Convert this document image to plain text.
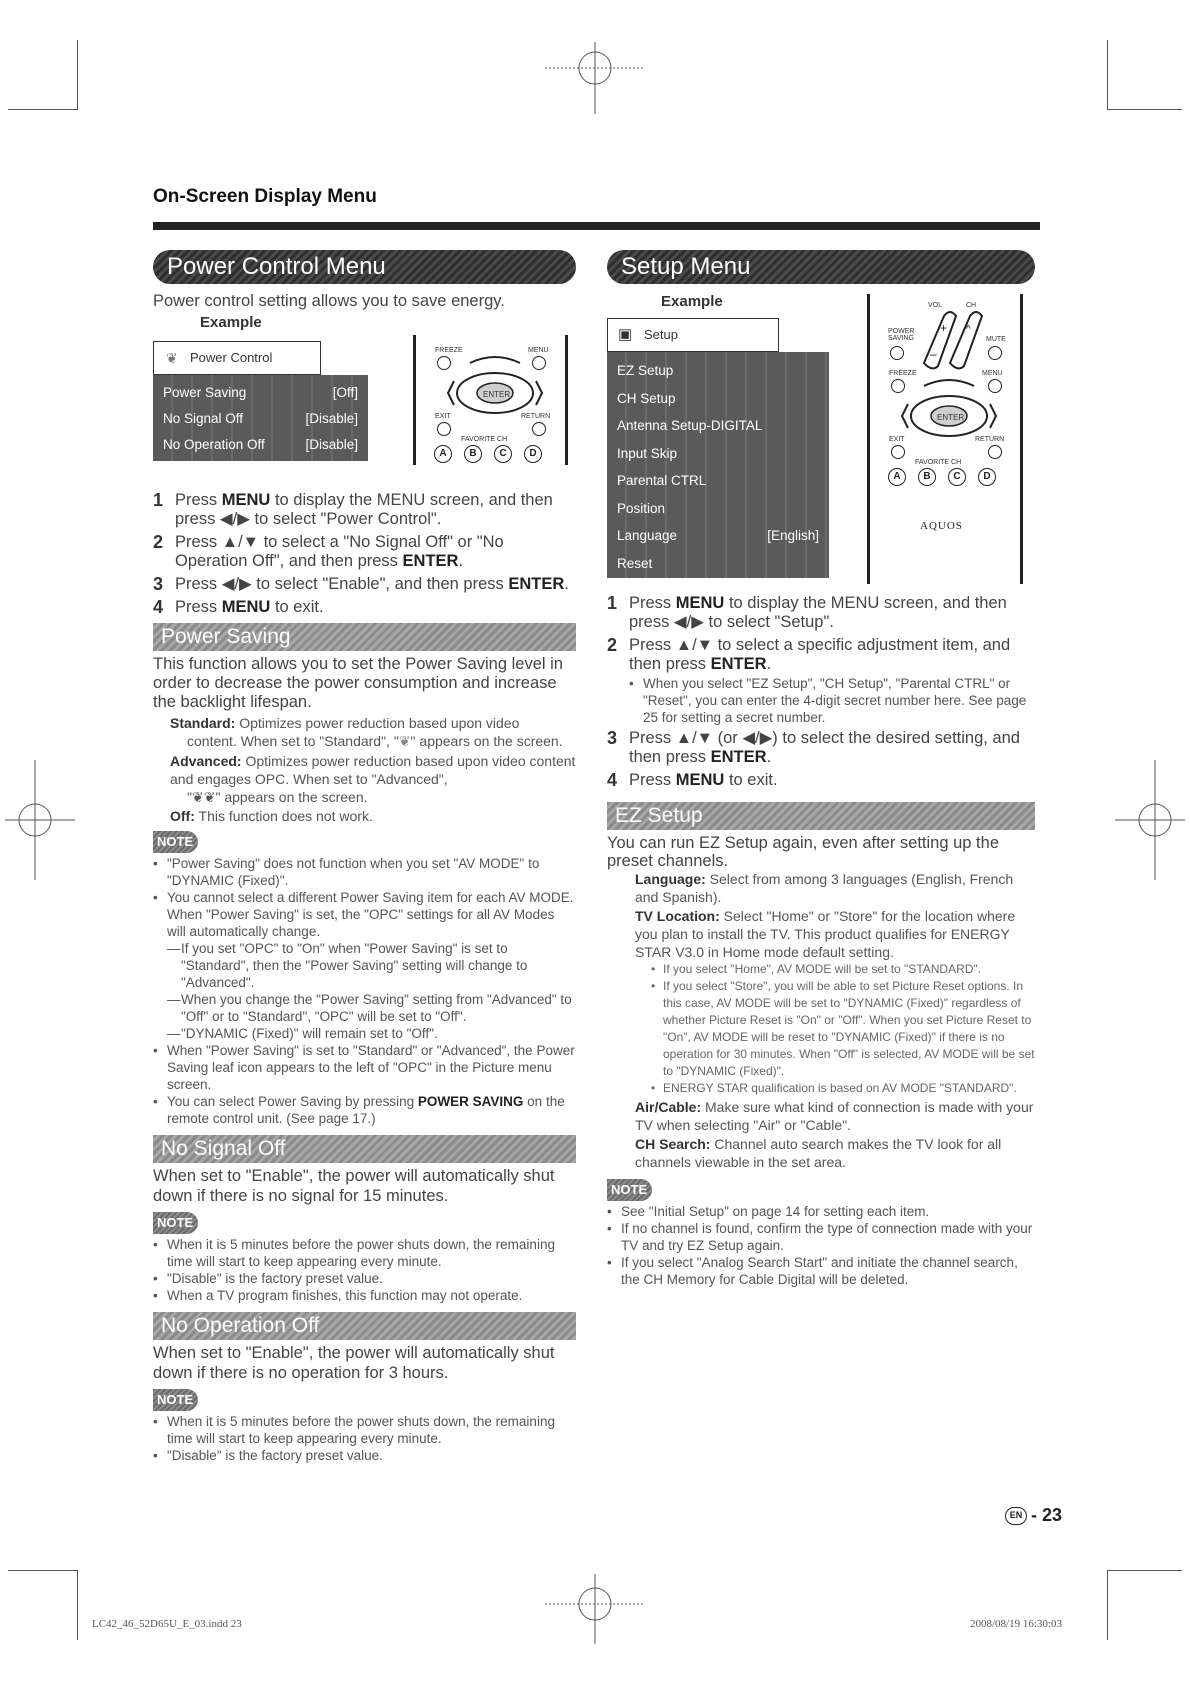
On-Screen Display Menu
Power Control Menu
Power control setting allows you to save energy.
Example
❦ Power Control
Power Saving	[Off]
No Signal Off	[Disable]
No Operation Off	[Disable]
FREEZE	MENU
ENTER
EXIT	RETURN
FAVORITE CH
A	B	C	D
1 Press MENU to display the MENU screen, and then press ◀/▶ to select "Power Control".
2 Press ▲/▼ to select a "No Signal Off" or "No Operation Off", and then press ENTER.
3 Press ◀/▶ to select "Enable", and then press ENTER.
4 Press MENU to exit.
Power Saving
This function allows you to set the Power Saving level in order to decrease the power consumption and increase the backlight lifespan.
Standard: Optimizes power reduction based upon video
content. When set to "Standard", "❦" appears on the screen.
Advanced: Optimizes power reduction based upon video content and engages OPC. When set to "Advanced",
"❦❦" appears on the screen.
Off: This function does not work.
NOTE
• "Power Saving" does not function when you set "AV MODE" to "DYNAMIC (Fixed)".
• You cannot select a different Power Saving item for each AV MODE.
When "Power Saving" is set, the "OPC" settings for all AV Modes will automatically change.
— If you set "OPC" to "On" when "Power Saving" is set to "Standard", then the "Power Saving" setting will change to "Advanced".
— When you change the "Power Saving" setting from "Advanced" to "Off" or to "Standard", "OPC" will be set to "Off".
— "DYNAMIC (Fixed)" will remain set to "Off".
• When "Power Saving" is set to "Standard" or "Advanced", the Power Saving leaf icon appears to the left of "OPC" in the Picture menu screen.
• You can select Power Saving by pressing POWER SAVING on the remote control unit. (See page 17.)
No Signal Off
When set to "Enable", the power will automatically shut down if there is no signal for 15 minutes.
NOTE
• When it is 5 minutes before the power shuts down, the remaining time will start to keep appearing every minute.
• "Disable" is the factory preset value.
• When a TV program finishes, this function may not operate.
No Operation Off
When set to "Enable", the power will automatically shut down if there is no operation for 3 hours.
NOTE
• When it is 5 minutes before the power shuts down, the remaining time will start to keep appearing every minute.
• "Disable" is the factory preset value.
Setup Menu
Example
▣ Setup
EZ Setup
CH Setup
Antenna Setup-DIGITAL
Input Skip
Parental CTRL
Position
Language	[English]
Reset
VOL	CH
+
–
^
POWER SAVING	MUTE
FREEZE	MENU
ENTER
EXIT	RETURN
FAVORITE CH
A	B	C	D
AQUOS
1 Press MENU to display the MENU screen, and then press ◀/▶ to select "Setup".
2 Press ▲/▼ to select a specific adjustment item, and then press ENTER.
• When you select "EZ Setup", "CH Setup", "Parental CTRL" or "Reset", you can enter the 4-digit secret number here. See page 25 for setting a secret number.
3 Press ▲/▼ (or ◀/▶) to select the desired setting, and then press ENTER.
4 Press MENU to exit.
EZ Setup
You can run EZ Setup again, even after setting up the preset channels.
Language: Select from among 3 languages (English, French and Spanish).
TV Location: Select "Home" or "Store" for the location where you plan to install the TV. This product qualifies for ENERGY STAR V3.0 in Home mode default setting.
• If you select "Home", AV MODE will be set to "STANDARD".
• If you select "Store", you will be able to set Picture Reset options. In this case, AV MODE will be set to "DYNAMIC (Fixed)" regardless of whether Picture Reset is "On" or "Off". When you set Picture Reset to "On", AV MODE will be reset to "DYNAMIC (Fixed)" if there is no operation for 30 minutes. When "Off" is selected, AV MODE will be set to "DYNAMIC (Fixed)".
• ENERGY STAR qualification is based on AV MODE "STANDARD".
Air/Cable: Make sure what kind of connection is made with your TV when selecting "Air" or "Cable".
CH Search: Channel auto search makes the TV look for all channels viewable in the set area.
NOTE
• See "Initial Setup" on page 14 for setting each item.
• If no channel is found, confirm the type of connection made with your TV and try EZ Setup again.
• If you select "Analog Search Start" and initiate the channel search, the CH Memory for Cable Digital will be deleted.
EN - 23
LC42_46_52D65U_E_03.indd 23	2008/08/19 16:30:03
